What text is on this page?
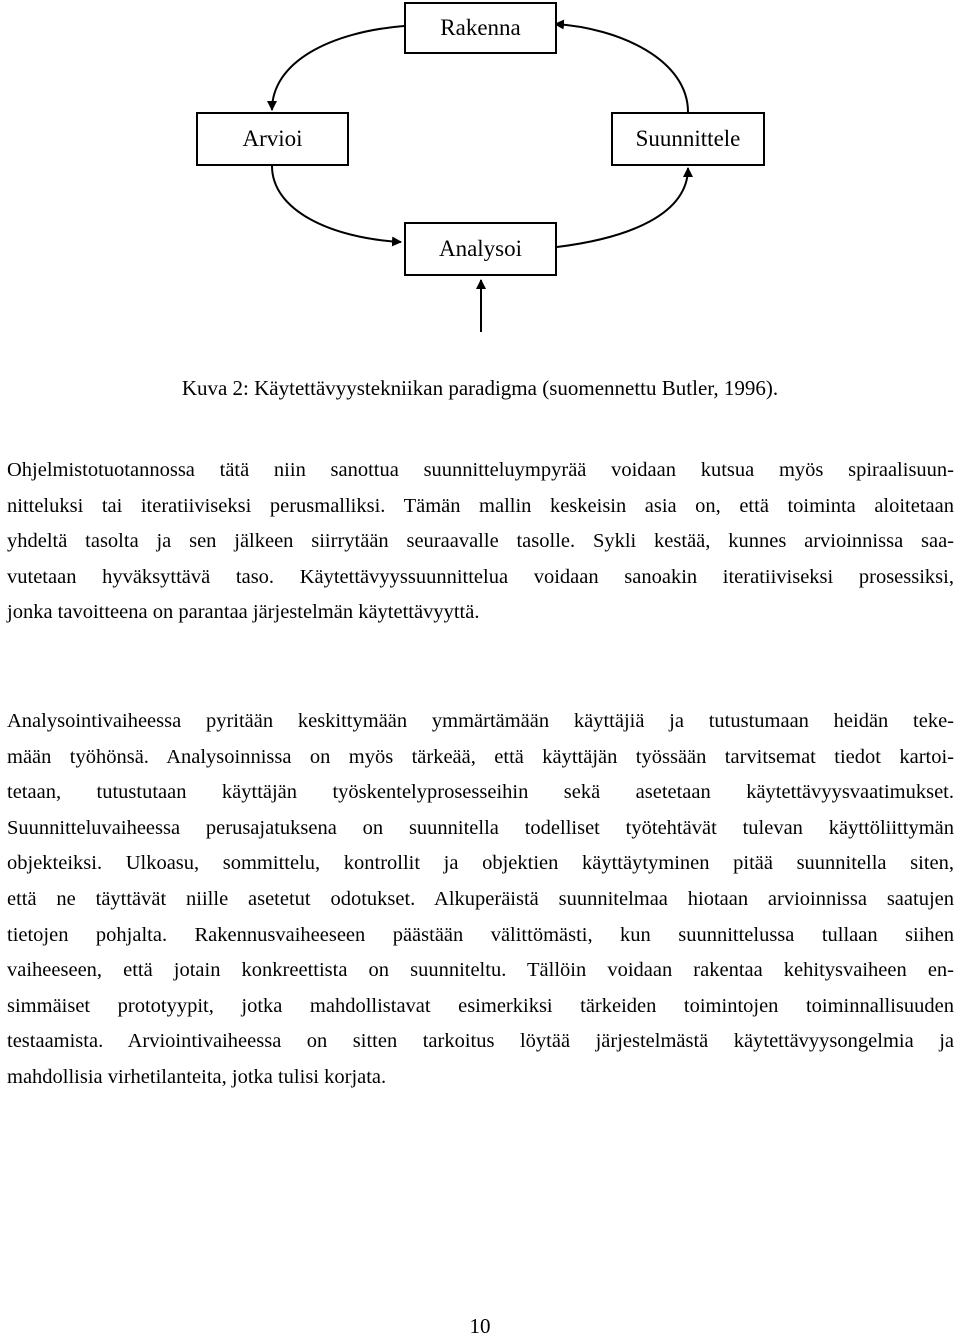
Rakenna
Arvioi	Suunnittele
Analysoi
Kuva 2: Käytettävyystekniikan paradigma (suomennettu Butler, 1996).
Ohjelmistotuotannossa tätä niin sanottua suunnitteluympyrää voidaan kutsua myös spiraalisuun-
nitteluksi tai iteratiiviseksi perusmalliksi. Tämän mallin keskeisin asia on, että toiminta aloitetaan
yhdeltä tasolta ja sen jälkeen siirrytään seuraavalle tasolle. Sykli kestää, kunnes arvioinnissa saa-
vutetaan hyväksyttävä taso. Käytettävyyssuunnittelua voidaan sanoakin iteratiiviseksi prosessiksi,
jonka tavoitteena on parantaa järjestelmän käytettävyyttä.
Analysointivaiheessa pyritään keskittymään ymmärtämään käyttäjiä ja tutustumaan heidän teke-
mään työhönsä. Analysoinnissa on myös tärkeää, että käyttäjän työssään tarvitsemat tiedot kartoi-
tetaan, tutustutaan käyttäjän työskentelyprosesseihin sekä asetetaan käytettävyysvaatimukset.
Suunnitteluvaiheessa perusajatuksena on suunnitella todelliset työtehtävät tulevan käyttöliittymän
objekteiksi. Ulkoasu, sommittelu, kontrollit ja objektien käyttäytyminen pitää suunnitella siten,
että ne täyttävät niille asetetut odotukset. Alkuperäistä suunnitelmaa hiotaan arvioinnissa saatujen
tietojen pohjalta. Rakennusvaiheeseen päästään välittömästi, kun suunnittelussa tullaan siihen
vaiheeseen, että jotain konkreettista on suunniteltu. Tällöin voidaan rakentaa kehitysvaiheen en-
simmäiset prototyypit, jotka mahdollistavat esimerkiksi tärkeiden toimintojen toiminnallisuuden
testaamista. Arviointivaiheessa on sitten tarkoitus löytää järjestelmästä käytettävyysongelmia ja
mahdollisia virhetilanteita, jotka tulisi korjata.
10
